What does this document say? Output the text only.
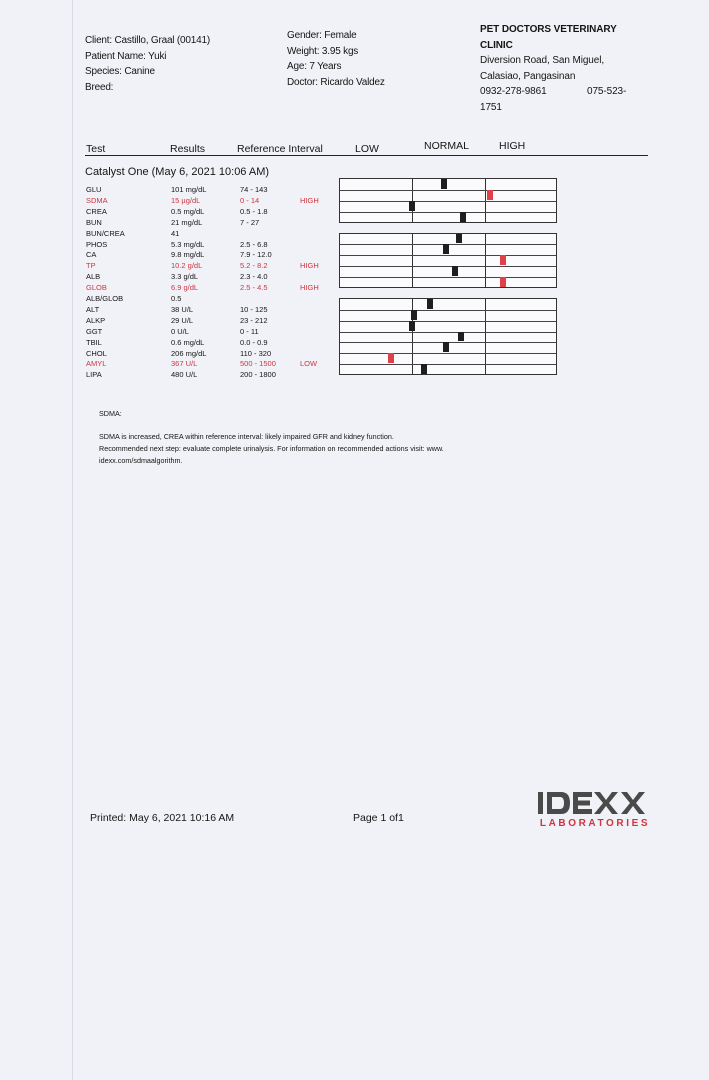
Client: Castillo, Graal (00141)
Patient Name: Yuki
Species: Canine
Breed:
Gender: Female
Weight: 3.95 kgs
Age: 7 Years
Doctor: Ricardo Valdez
PET DOCTORS VETERINARY
CLINIC
Diversion Road, San Miguel,
Calasiao, Pangasinan
0932-278-9861	075-523-
1751
Test	Results	Reference Interval	LOW	NORMAL	HIGH
Catalyst One (May 6, 2021 10:06 AM)
GLU	101 mg/dL	74 - 143
SDMA	15 µg/dL	0 - 14	HIGH
CREA	0.5 mg/dL	0.5 - 1.8
BUN	21 mg/dL	7 - 27
BUN/CREA	41
PHOS	5.3 mg/dL	2.5 - 6.8
CA	9.8 mg/dL	7.9 - 12.0
TP	10.2 g/dL	5.2 - 8.2	HIGH
ALB	3.3 g/dL	2.3 - 4.0
GLOB	6.9 g/dL	2.5 - 4.5	HIGH
ALB/GLOB	0.5
ALT	38 U/L	10 - 125
ALKP	29 U/L	23 - 212
GGT	0 U/L	0 - 11
TBIL	0.6 mg/dL	0.0 - 0.9
CHOL	206 mg/dL	110 - 320
AMYL	367 U/L	500 - 1500	LOW
LIPA	480 U/L	200 - 1800
SDMA:
SDMA is increased, CREA within reference interval: likely impaired GFR and kidney function.
Recommended next step: evaluate complete urinalysis. For information on recommended actions visit: www.
idexx.com/sdmaalgorithm.
Printed: May 6, 2021 10:16 AM	Page 1 of1	LABORATORIES
